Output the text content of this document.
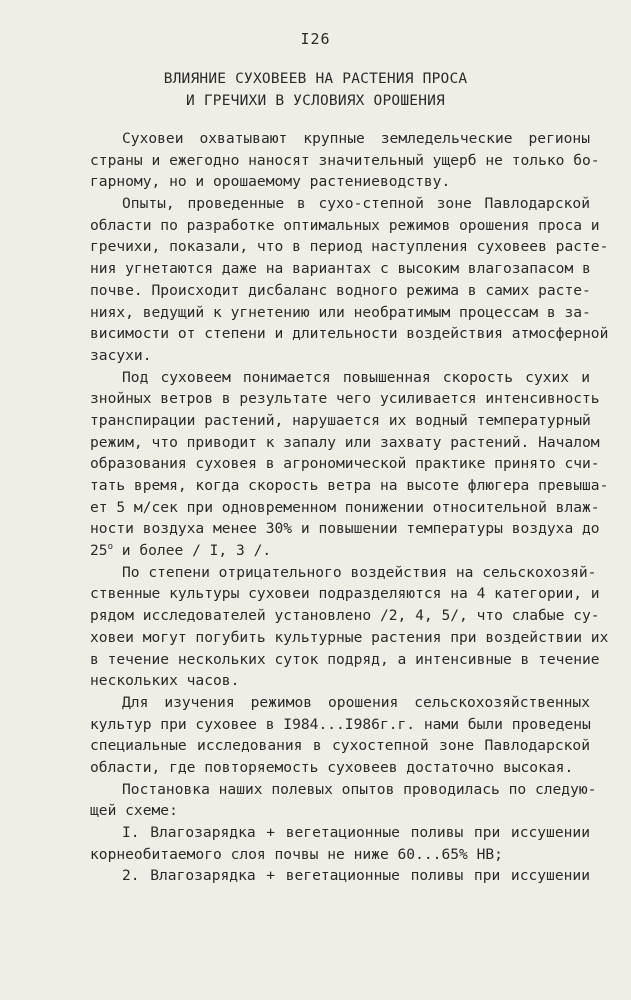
I26
ВЛИЯНИЕ СУХОВЕЕВ НА РАСТЕНИЯ ПРОСА
И ГРЕЧИХИ В УСЛОВИЯХ ОРОШЕНИЯ
Суховеи охватывают крупные земледельческие регионы
страны и ежегодно наносят значительный ущерб не только бо-
гарному, но и орошаемому растениеводству.
Опыты, проведенные в сухо-степной зоне Павлодарской
области по разработке оптимальных режимов орошения проса и
гречихи, показали, что в период наступления суховеев расте-
ния угнетаются даже на вариантах с высоким влагозапасом в
почве. Происходит дисбаланс водного режима в самих расте-
ниях, ведущий к угнетению или необратимым процессам в за-
висимости от степени и длительности воздействия атмосферной
засухи.
Под суховеем понимается повышенная скорость сухих и
знойных ветров в результате чего усиливается интенсивность
транспирации растений, нарушается их водный температурный
режим, что приводит к запалу или захвату растений. Началом
образования суховея в агрономической практике принято счи-
тать время, когда скорость ветра на высоте флюгера превыша-
ет 5 м/сек при одновременном понижении относительной влаж-
ности воздуха менее 30% и повышении температуры воздуха до
25$^o$ и более / I, 3 /.
По степени отрицательного воздействия на сельскохозяй-
ственные культуры суховеи подразделяются на 4 категории, и
рядом исследователей установлено /2, 4, 5/, что слабые су-
ховеи могут погубить культурные растения при воздействии их
в течение нескольких суток подряд, а интенсивные в течение
нескольких часов.
Для изучения режимов орошения сельскохозяйственных
культур при суховее в I984...I986г.г. нами были проведены
специальные исследования в сухостепной зоне Павлодарской
области, где повторяемость суховеев достаточно высокая.
Постановка наших полевых опытов проводилась по следую-
щей схеме:
I. Влагозарядка + вегетационные поливы при иссушении
корнеобитаемого слоя почвы не ниже 60...65% НВ;
2. Влагозарядка + вегетационные поливы при иссушении
